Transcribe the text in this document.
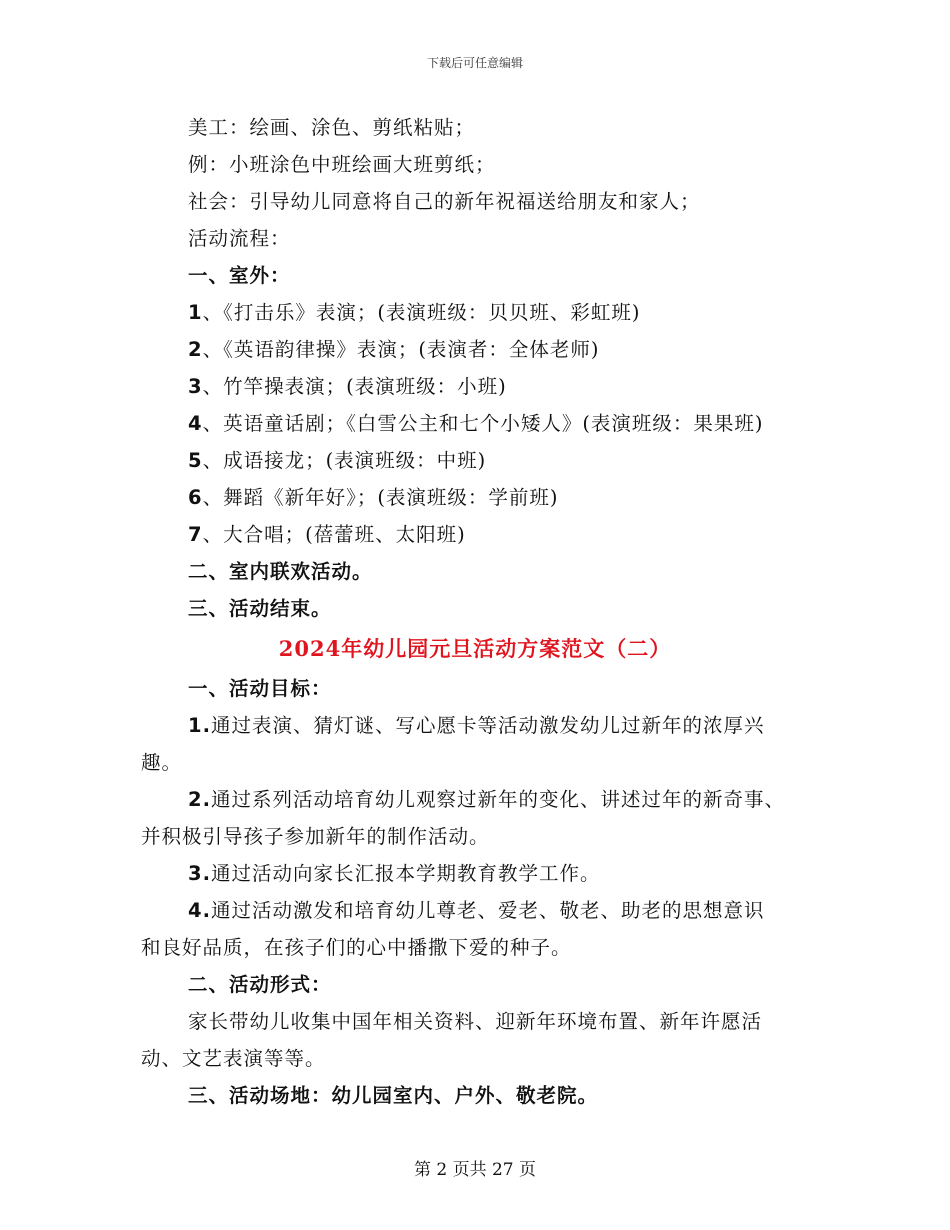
下载后可任意编辑
美工：绘画、涂色、剪纸粘贴；
例：小班涂色中班绘画大班剪纸；
社会：引导幼儿同意将自己的新年祝福送给朋友和家人；
活动流程：
一、室外：
1、《打击乐》表演；(表演班级：贝贝班、彩虹班)
2、《英语韵律操》表演；(表演者：全体老师)
3、竹竿操表演；(表演班级：小班)
4、英语童话剧；《白雪公主和七个小矮人》(表演班级：果果班)
5、成语接龙；(表演班级：中班)
6、舞蹈《新年好》；(表演班级：学前班)
7、大合唱；(蓓蕾班、太阳班)
二、室内联欢活动。
三、活动结束。
2024年幼儿园元旦活动方案范文（二）
一、活动目标：
1.通过表演、猜灯谜、写心愿卡等活动激发幼儿过新年的浓厚兴
趣。
2.通过系列活动培育幼儿观察过新年的变化、讲述过年的新奇事、
并积极引导孩子参加新年的制作活动。
3.通过活动向家长汇报本学期教育教学工作。
4.通过活动激发和培育幼儿尊老、爱老、敬老、助老的思想意识
和良好品质，在孩子们的心中播撒下爱的种子。
二、活动形式：
家长带幼儿收集中国年相关资料、迎新年环境布置、新年许愿活
动、文艺表演等等。
三、活动场地：幼儿园室内、户外、敬老院。
第 2 页共 27 页
